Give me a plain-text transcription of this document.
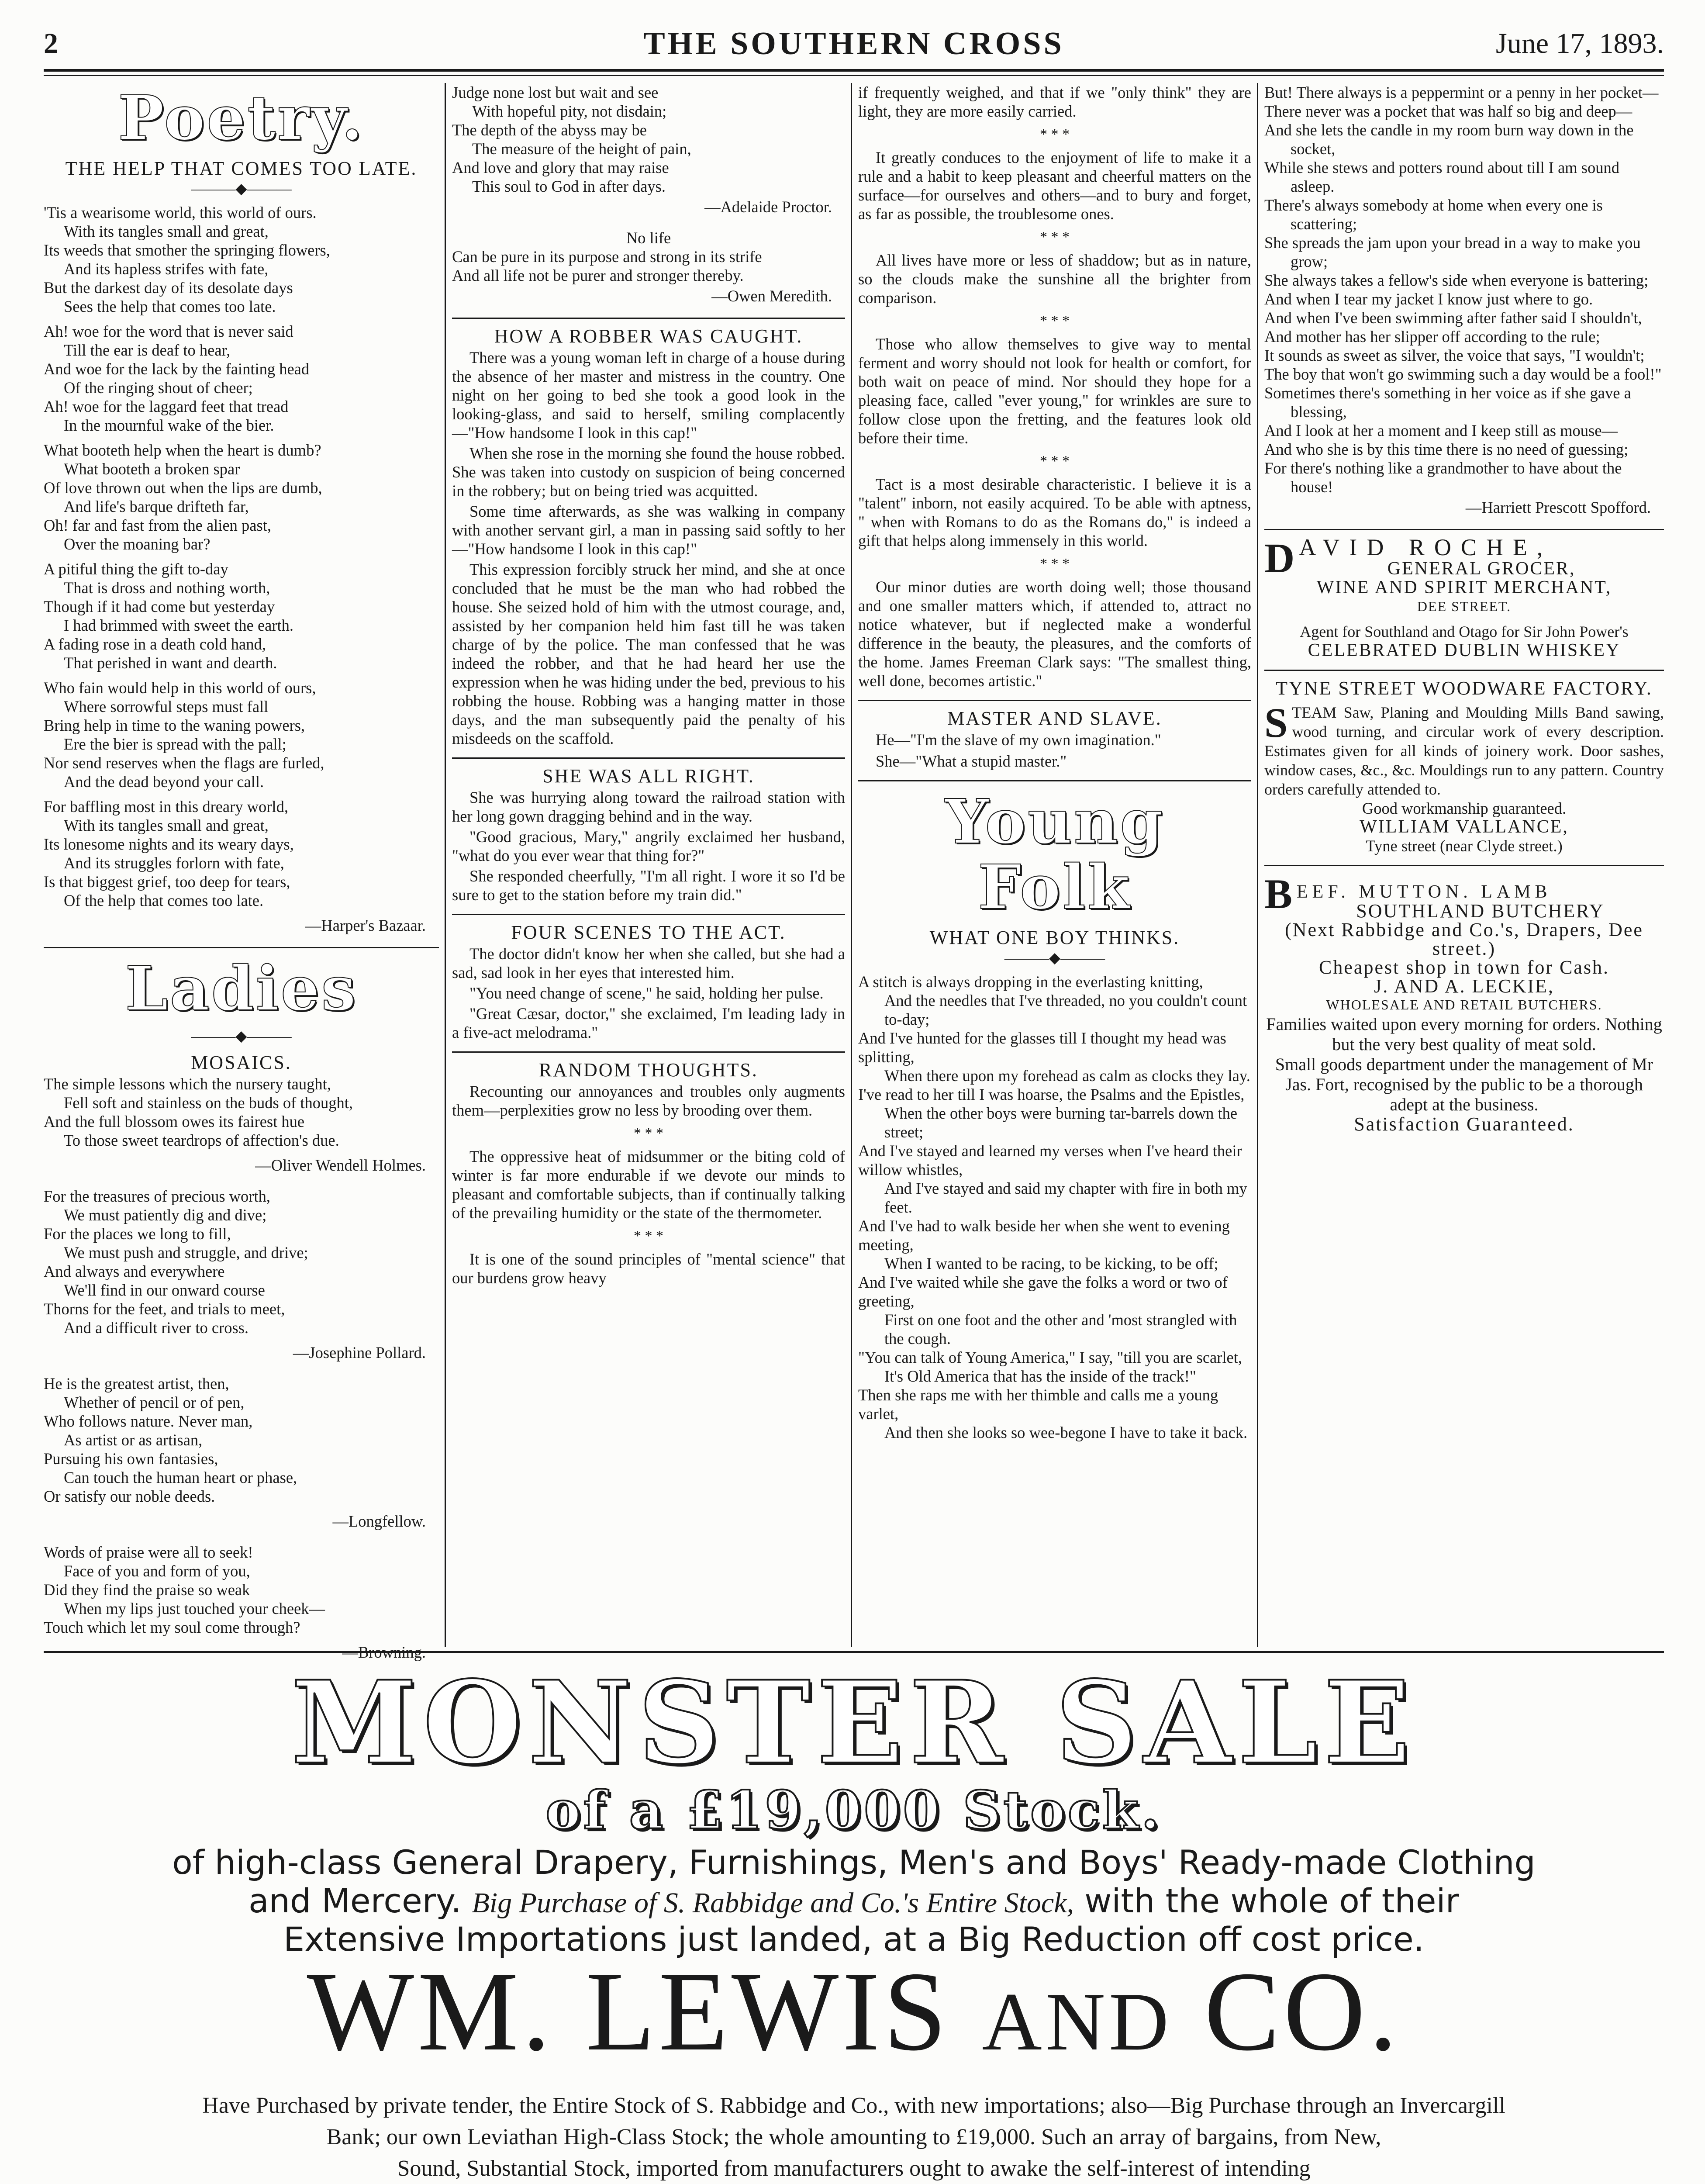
2	THE SOUTHERN CROSS	June 17, 1893.
Poetry.
THE HELP THAT COMES TOO LATE.
———◆———
'Tis a wearisome world, this world of ours.
With its tangles small and great,
Its weeds that smother the springing flowers,
And its hapless strifes with fate,
But the darkest day of its desolate days
Sees the help that comes too late.
Ah! woe for the word that is never said
Till the ear is deaf to hear,
And woe for the lack by the fainting head
Of the ringing shout of cheer;
Ah! woe for the laggard feet that tread
In the mournful wake of the bier.
What booteth help when the heart is dumb?
What booteth a broken spar
Of love thrown out when the lips are dumb,
And life's barque drifteth far,
Oh! far and fast from the alien past,
Over the moaning bar?
A pitiful thing the gift to-day
That is dross and nothing worth,
Though if it had come but yesterday
I had brimmed with sweet the earth.
A fading rose in a death cold hand,
That perished in want and dearth.
Who fain would help in this world of ours,
Where sorrowful steps must fall
Bring help in time to the waning powers,
Ere the bier is spread with the pall;
Nor send reserves when the flags are furled,
And the dead beyond your call.
For baffling most in this dreary world,
With its tangles small and great,
Its lonesome nights and its weary days,
And its struggles forlorn with fate,
Is that biggest grief, too deep for tears,
Of the help that comes too late.
—Harper's Bazaar.
Ladies
———◆———
MOSAICS.
The simple lessons which the nursery taught,
Fell soft and stainless on the buds of thought,
And the full blossom owes its fairest hue
To those sweet teardrops of affection's due.
—Oliver Wendell Holmes.
For the treasures of precious worth,
We must patiently dig and dive;
For the places we long to fill,
We must push and struggle, and drive;
And always and everywhere
We'll find in our onward course
Thorns for the feet, and trials to meet,
And a difficult river to cross.
—Josephine Pollard.
He is the greatest artist, then,
Whether of pencil or of pen,
Who follows nature. Never man,
As artist or as artisan,
Pursuing his own fantasies,
Can touch the human heart or phase,
Or satisfy our noble deeds.
—Longfellow.
Words of praise were all to seek!
Face of you and form of you,
Did they find the praise so weak
When my lips just touched your cheek—
Touch which let my soul come through?
—Browning.
Judge none lost but wait and see
With hopeful pity, not disdain;
The depth of the abyss may be
The measure of the height of pain,
And love and glory that may raise
This soul to God in after days.
—Adelaide Proctor.
No life
Can be pure in its purpose and strong in its strife
And all life not be purer and stronger thereby.
—Owen Meredith.
HOW A ROBBER WAS CAUGHT.
There was a young woman left in charge of a house during the absence of her master and mistress in the country. One night on her going to bed she took a good look in the looking-glass, and said to herself, smiling complacently—"How handsome I look in this cap!"
When she rose in the morning she found the house robbed. She was taken into custody on suspicion of being concerned in the robbery; but on being tried was acquitted.
Some time afterwards, as she was walking in company with another servant girl, a man in passing said softly to her—"How handsome I look in this cap!"
This expression forcibly struck her mind, and she at once concluded that he must be the man who had robbed the house. She seized hold of him with the utmost courage, and, assisted by her companion held him fast till he was taken charge of by the police. The man confessed that he was indeed the robber, and that he had heard her use the expression when he was hiding under the bed, previous to his robbing the house. Robbing was a hanging matter in those days, and the man subsequently paid the penalty of his misdeeds on the scaffold.
SHE WAS ALL RIGHT.
She was hurrying along toward the railroad station with her long gown dragging behind and in the way.
"Good gracious, Mary," angrily exclaimed her husband, "what do you ever wear that thing for?"
She responded cheerfully, "I'm all right. I wore it so I'd be sure to get to the station before my train did."
FOUR SCENES TO THE ACT.
The doctor didn't know her when she called, but she had a sad, sad look in her eyes that interested him.
"You need change of scene," he said, holding her pulse.
"Great Cæsar, doctor," she exclaimed, I'm leading lady in a five-act melodrama."
RANDOM THOUGHTS.
Recounting our annoyances and troubles only augments them—perplexities grow no less by brooding over them.
* * *
The oppressive heat of midsummer or the biting cold of winter is far more endurable if we devote our minds to pleasant and comfortable subjects, than if continually talking of the prevailing humidity or the state of the thermometer.
* * *
It is one of the sound principles of "mental science" that our burdens grow heavy
if frequently weighed, and that if we "only think" they are light, they are more easily carried.
* * *
It greatly conduces to the enjoyment of life to make it a rule and a habit to keep pleasant and cheerful matters on the surface—for ourselves and others—and to bury and forget, as far as possible, the troublesome ones.
* * *
All lives have more or less of shaddow; but as in nature, so the clouds make the sunshine all the brighter from comparison.
* * *
Those who allow themselves to give way to mental ferment and worry should not look for health or comfort, for both wait on peace of mind. Nor should they hope for a pleasing face, called "ever young," for wrinkles are sure to follow close upon the fretting, and the features look old before their time.
* * *
Tact is a most desirable characteristic. I believe it is a "talent" inborn, not easily acquired. To be able with aptness, " when with Romans to do as the Romans do," is indeed a gift that helps along immensely in this world.
* * *
Our minor duties are worth doing well; those thousand and one smaller matters which, if attended to, attract no notice whatever, but if neglected make a wonderful difference in the beauty, the pleasures, and the comforts of the home. James Freeman Clark says: "The smallest thing, well done, becomes artistic."
MASTER AND SLAVE.
He—"I'm the slave of my own imagination."
She—"What a stupid master."
Young Folk
WHAT ONE BOY THINKS.
———◆———
A stitch is always dropping in the everlasting knitting,
And the needles that I've threaded, no you couldn't count to-day;
And I've hunted for the glasses till I thought my head was splitting,
When there upon my forehead as calm as clocks they lay.
I've read to her till I was hoarse, the Psalms and the Epistles,
When the other boys were burning tar-barrels down the street;
And I've stayed and learned my verses when I've heard their willow whistles,
And I've stayed and said my chapter with fire in both my feet.
And I've had to walk beside her when she went to evening meeting,
When I wanted to be racing, to be kicking, to be off;
And I've waited while she gave the folks a word or two of greeting,
First on one foot and the other and 'most strangled with the cough.
"You can talk of Young America," I say, "till you are scarlet,
It's Old America that has the inside of the track!"
Then she raps me with her thimble and calls me a young varlet,
And then she looks so wee-begone I have to take it back.
But! There always is a peppermint or a penny in her pocket—
There never was a pocket that was half so big and deep—
And she lets the candle in my room burn way down in the socket,
While she stews and potters round about till I am sound asleep.
There's always somebody at home when every one is scattering;
She spreads the jam upon your bread in a way to make you grow;
She always takes a fellow's side when everyone is battering;
And when I tear my jacket I know just where to go.
And when I've been swimming after father said I shouldn't,
And mother has her slipper off according to the rule;
It sounds as sweet as silver, the voice that says, "I wouldn't;
The boy that won't go swimming such a day would be a fool!"
Sometimes there's something in her voice as if she gave a blessing,
And I look at her a moment and I keep still as mouse—
And who she is by this time there is no need of guessing;
For there's nothing like a grandmother to have about the house!
—Harriett Prescott Spofford.
D AVID ROCHE,
GENERAL GROCER,
WINE AND SPIRIT MERCHANT,
DEE STREET.
Agent for Southland and Otago for Sir John Power's
CELEBRATED DUBLIN WHISKEY
TYNE STREET WOODWARE FACTORY.
S TEAM Saw, Planing and Moulding Mills Band sawing, wood turning, and circular work of every description. Estimates given for all kinds of joinery work. Door sashes, window cases, &c., &c. Mouldings run to any pattern. Country orders carefully attended to.
Good workmanship guaranteed.
WILLIAM VALLANCE,
Tyne street (near Clyde street.)
B EEF. MUTTON. LAMB
SOUTHLAND BUTCHERY
(Next Rabbidge and Co.'s, Drapers, Dee street.)
Cheapest shop in town for Cash.
J. AND A. LECKIE,
WHOLESALE AND RETAIL BUTCHERS.
Families waited upon every morning for orders. Nothing but the very best quality of meat sold.
Small goods department under the management of Mr Jas. Fort, recognised by the public to be a thorough adept at the business.
Satisfaction Guaranteed.
MONSTER SALE
of a £19,000 Stock.
of high-class General Drapery, Furnishings, Men's and Boys' Ready-made Clothing
and Mercery. Big Purchase of S. Rabbidge and Co.'s Entire Stock, with the whole of their
Extensive Importations just landed, at a Big Reduction off cost price.
WM. LEWIS AND CO.
Have Purchased by private tender, the Entire Stock of S. Rabbidge and Co., with new importations; also—Big Purchase through an Invercargill
Bank; our own Leviathan High-Class Stock; the whole amounting to £19,000. Such an array of bargains, from New,
Sound, Substantial Stock, imported from manufacturers ought to awake the self-interest of intending
